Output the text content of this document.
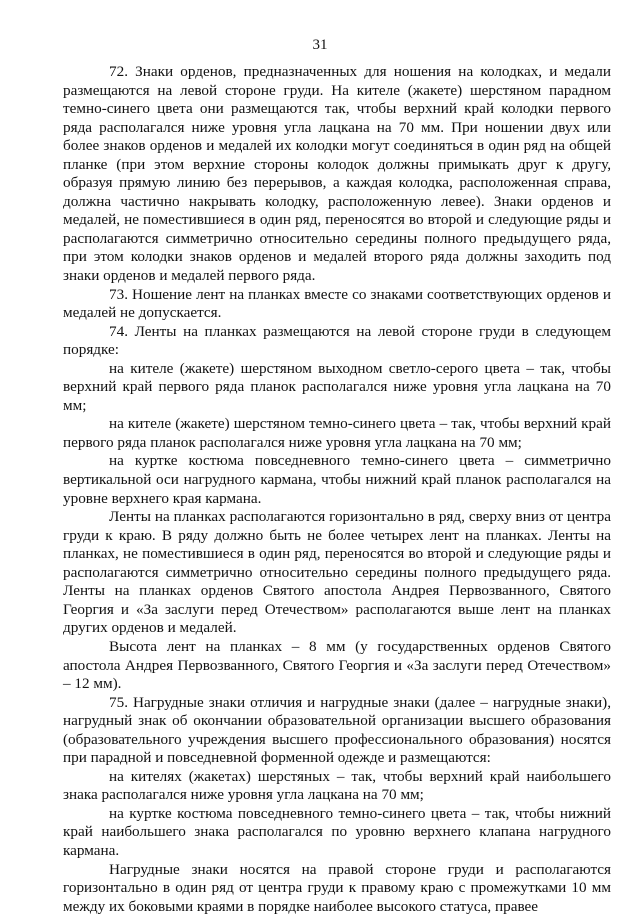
31

72. Знаки орденов, предназначенных для ношения на колодках, и медали размещаются на левой стороне груди. На кителе (жакете) шерстяном парадном темно-синего цвета они размещаются так, чтобы верхний край колодки первого ряда располагался ниже уровня угла лацкана на 70 мм. При ношении двух или более знаков орденов и медалей их колодки могут соединяться в один ряд на общей планке (при этом верхние стороны колодок должны примыкать друг к другу, образуя прямую линию без перерывов, а каждая колодка, расположенная справа, должна частично накрывать колодку, расположенную левее). Знаки орденов и медалей, не поместившиеся в один ряд, переносятся во второй и следующие ряды и располагаются симметрично относительно середины полного предыдущего ряда, при этом колодки знаков орденов и медалей второго ряда должны заходить под знаки орденов и медалей первого ряда.

73. Ношение лент на планках вместе со знаками соответствующих орденов и медалей не допускается.

74. Ленты на планках размещаются на левой стороне груди в следующем порядке:

на кителе (жакете) шерстяном выходном светло-серого цвета – так, чтобы верхний край первого ряда планок располагался ниже уровня угла лацкана на 70 мм;

на кителе (жакете) шерстяном темно-синего цвета – так, чтобы верхний край первого ряда планок располагался ниже уровня угла лацкана на 70 мм;

на куртке костюма повседневного темно-синего цвета – симметрично вертикальной оси нагрудного кармана, чтобы нижний край планок располагался на уровне верхнего края кармана.

Ленты на планках располагаются горизонтально в ряд, сверху вниз от центра груди к краю. В ряду должно быть не более четырех лент на планках. Ленты на планках, не поместившиеся в один ряд, переносятся во второй и следующие ряды и располагаются симметрично относительно середины полного предыдущего ряда. Ленты на планках орденов Святого апостола Андрея Первозванного, Святого Георгия и «За заслуги перед Отечеством» располагаются выше лент на планках других орденов и медалей.

Высота лент на планках – 8 мм (у государственных орденов Святого апостола Андрея Первозванного, Святого Георгия и «За заслуги перед Отечеством» – 12 мм).

75. Нагрудные знаки отличия и нагрудные знаки (далее – нагрудные знаки), нагрудный знак об окончании образовательной организации высшего образования (образовательного учреждения высшего профессионального образования) носятся при парадной и повседневной форменной одежде и размещаются:

на кителях (жакетах) шерстяных – так, чтобы верхний край наибольшего знака располагался ниже уровня угла лацкана на 70 мм;

на куртке костюма повседневного темно-синего цвета – так, чтобы нижний край наибольшего знака располагался по уровню верхнего клапана нагрудного кармана.

Нагрудные знаки носятся на правой стороне груди и располагаются горизонтально в один ряд от центра груди к правому краю с промежутками 10 мм между их боковыми краями в порядке наиболее высокого статуса, правее
